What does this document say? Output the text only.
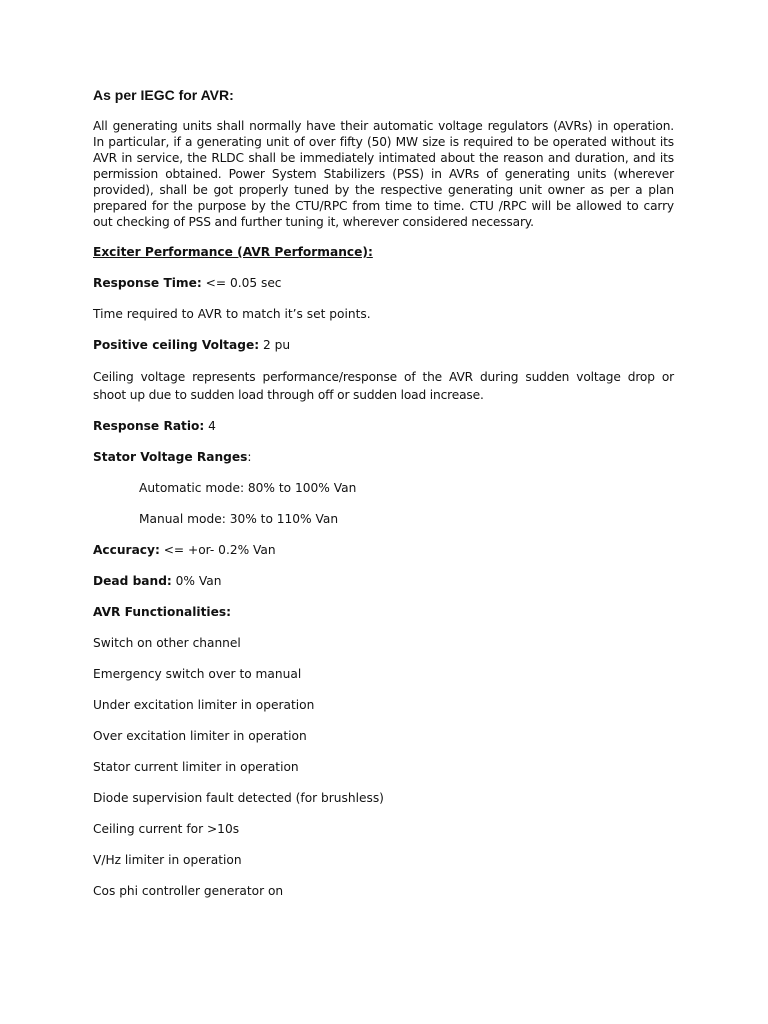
As per IEGC for AVR:
All generating units shall normally have their automatic voltage regulators (AVRs) in operation. In particular, if a generating unit of over fifty (50) MW size is required to be operated without its AVR in service, the RLDC shall be immediately intimated about the reason and duration, and its permission obtained. Power System Stabilizers (PSS) in AVRs of generating units (wherever provided), shall be got properly tuned by the respective generating unit owner as per a plan prepared for the purpose by the CTU/RPC from time to time. CTU /RPC will be allowed to carry out checking of PSS and further tuning it, wherever considered necessary.
Exciter Performance (AVR Performance):
Response Time: <= 0.05 sec
Time required to AVR to match it’s set points.
Positive ceiling Voltage: 2 pu
Ceiling voltage represents performance/response of the AVR during sudden voltage drop or shoot up due to sudden load through off or sudden load increase.
Response Ratio: 4
Stator Voltage Ranges:
Automatic mode: 80% to 100% Van
Manual mode: 30% to 110% Van
Accuracy: <= +or- 0.2% Van
Dead band: 0% Van
AVR Functionalities:
Switch on other channel
Emergency switch over to manual
Under excitation limiter in operation
Over excitation limiter in operation
Stator current limiter in operation
Diode supervision fault detected (for brushless)
Ceiling current for >10s
V/Hz limiter in operation
Cos phi controller generator on
